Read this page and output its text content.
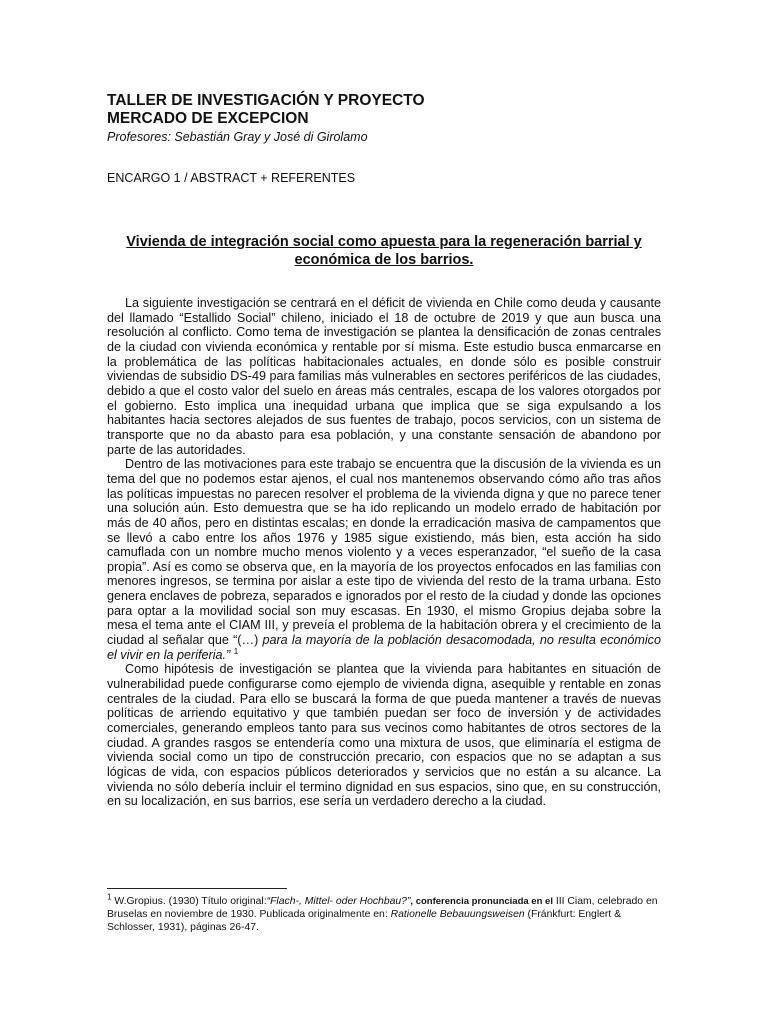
TALLER DE INVESTIGACIÓN Y PROYECTO
MERCADO DE EXCEPCION
Profesores: Sebastián Gray y José di Girolamo
ENCARGO 1 / ABSTRACT + REFERENTES
Vivienda de integración social como apuesta para la regeneración barrial y económica de los barrios.

La siguiente investigación se centrará en el déficit de vivienda en Chile como deuda y causante del llamado “Estallido Social” chileno, iniciado el 18 de octubre de 2019 y que aun busca una resolución al conflicto. Como tema de investigación se plantea la densificación de zonas centrales de la ciudad con vivienda económica y rentable por sí misma. Este estudio busca enmarcarse en la problemática de las políticas habitacionales actuales, en donde sólo es posible construir viviendas de subsidio DS-49 para familias más vulnerables en sectores periféricos de las ciudades, debido a que el costo valor del suelo en áreas más centrales, escapa de los valores otorgados por el gobierno. Esto implica una inequidad urbana que implica que se siga expulsando a los habitantes hacia sectores alejados de sus fuentes de trabajo, pocos servicios, con un sistema de transporte que no da abasto para esa población, y una constante sensación de abandono por parte de las autoridades.

Dentro de las motivaciones para este trabajo se encuentra que la discusión de la vivienda es un tema del que no podemos estar ajenos, el cual nos mantenemos observando cómo año tras años las políticas impuestas no parecen resolver el problema de la vivienda digna y que no parece tener una solución aún. Esto demuestra que se ha ido replicando un modelo errado de habitación por más de 40 años, pero en distintas escalas; en donde la erradicación masiva de campamentos que se llevó a cabo entre los años 1976 y 1985 sigue existiendo, más bien, esta acción ha sido camuflada con un nombre mucho menos violento y a veces esperanzador, “el sueño de la casa propia”. Así es como se observa que, en la mayoría de los proyectos enfocados en las familias con menores ingresos, se termina por aislar a este tipo de vivienda del resto de la trama urbana. Esto genera enclaves de pobreza, separados e ignorados por el resto de la ciudad y donde las opciones para optar a la movilidad social son muy escasas. En 1930, el mismo Gropius dejaba sobre la mesa el tema ante el CIAM III, y preveía el problema de la habitación obrera y el crecimiento de la ciudad al señalar que “(…) para la mayoría de la población desacomodada, no resulta económico el vivir en la periferia.” $^1$

Como hipótesis de investigación se plantea que la vivienda para habitantes en situación de vulnerabilidad puede configurarse como ejemplo de vivienda digna, asequible y rentable en zonas centrales de la ciudad. Para ello se buscará la forma de que pueda mantener a través de nuevas políticas de arriendo equitativo y que también puedan ser foco de inversión y de actividades comerciales, generando empleos tanto para sus vecinos como habitantes de otros sectores de la ciudad. A grandes rasgos se entendería como una mixtura de usos, que eliminaría el estigma de vivienda social como un tipo de construcción precario, con espacios que no se adaptan a sus lógicas de vida, con espacios públicos deteriorados y servicios que no están a su alcance. La vivienda no sólo debería incluir el termino dignidad en sus espacios, sino que, en su construcción, en su localización, en sus barrios, ese sería un verdadero derecho a la ciudad.

$^1$ W.Gropius. (1930) Título original:“Flach-, Mittel- oder Hochbau?”, conferencia pronunciada en el III Ciam, celebrado en Bruselas en noviembre de 1930. Publicada originalmente en: Rationelle Bebauungsweisen (Fránkfurt: Englert & Schlosser, 1931), páginas 26-47.
